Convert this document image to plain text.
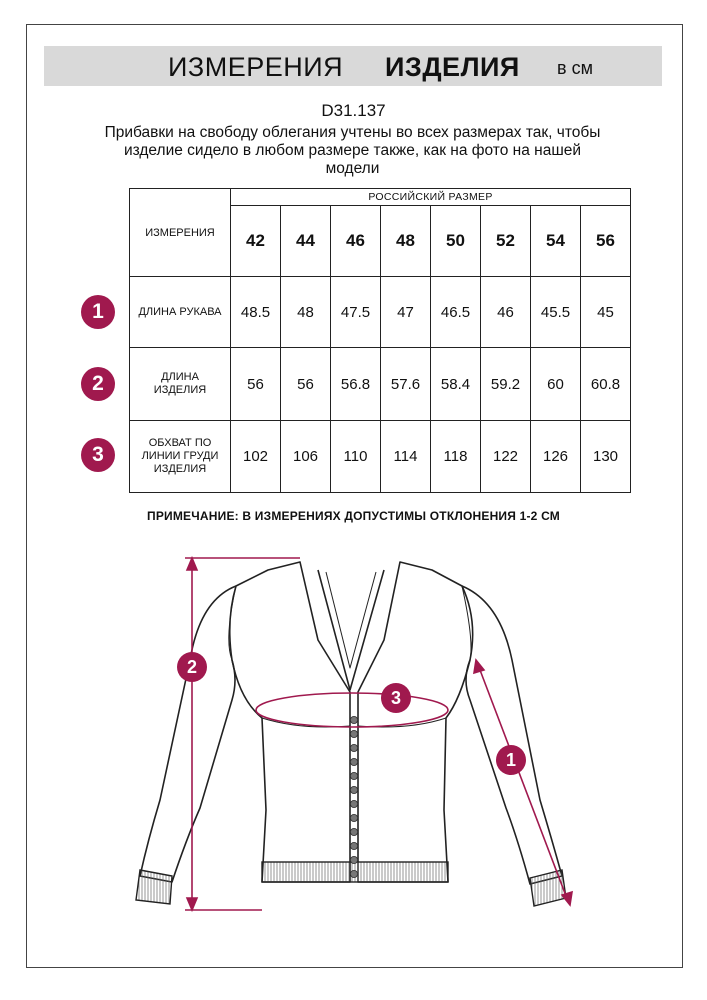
ИЗМЕРЕНИЯ ИЗДЕЛИЯ в см
D31.137
Прибавки на свободу облегания учтены во всех размерах так, чтобы изделие сидело в любом размере также, как на фото на нашей модели
ИЗМЕРЕНИЯ	РОССИЙСКИЙ РАЗМЕР							
	42	44	46	48	50	52	54	56
ДЛИНА РУКАВА	48.5	48	47.5	47	46.5	46	45.5	45

ДЛИНА
ИЗДЕЛИЯ	56	56	56.8	57.6	58.4	59.2	60	60.8

ОБХВАТ ПО
ЛИНИИ ГРУДИ
ИЗДЕЛИЯ	102	106	110	114	118	122	126	130
1
2
3
ПРИМЕЧАНИЕ: В ИЗМЕРЕНИЯХ ДОПУСТИМЫ ОТКЛОНЕНИЯ 1-2 СМ
2
3
1
